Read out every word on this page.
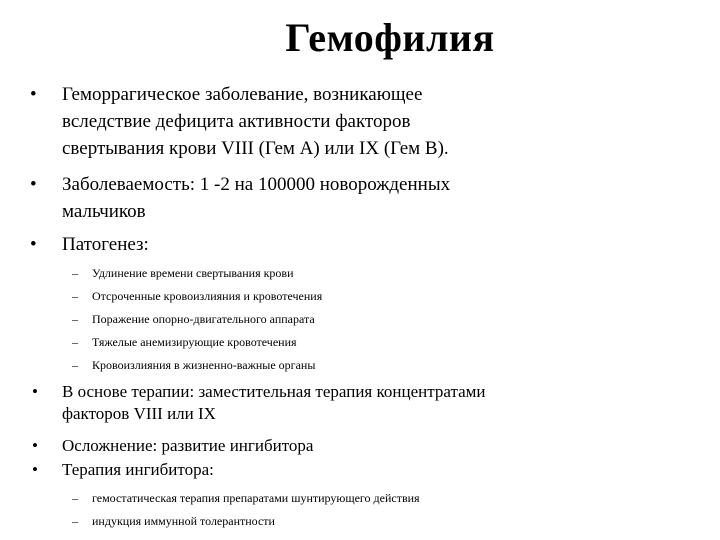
Гемофилия
• Геморрагическое заболевание, возникающее
вследствие дефицита активности факторов
свертывания крови VIII (Гем А) или IX (Гем В).
• Заболеваемость: 1 -2 на 100000 новорожденных
мальчиков
• Патогенез:
– Удлинение времени свертывания крови
– Отсроченные кровоизлияния и кровотечения
– Поражение опорно-двигательного аппарата
– Тяжелые анемизирующие кровотечения
– Кровоизлияния в жизненно-важные органы
• В основе терапии: заместительная терапия концентратами
факторов VIII или IX
• Осложнение: развитие ингибитора
• Терапия ингибитора:
– гемостатическая терапия препаратами шунтирующего действия
– индукция иммунной толерантности
